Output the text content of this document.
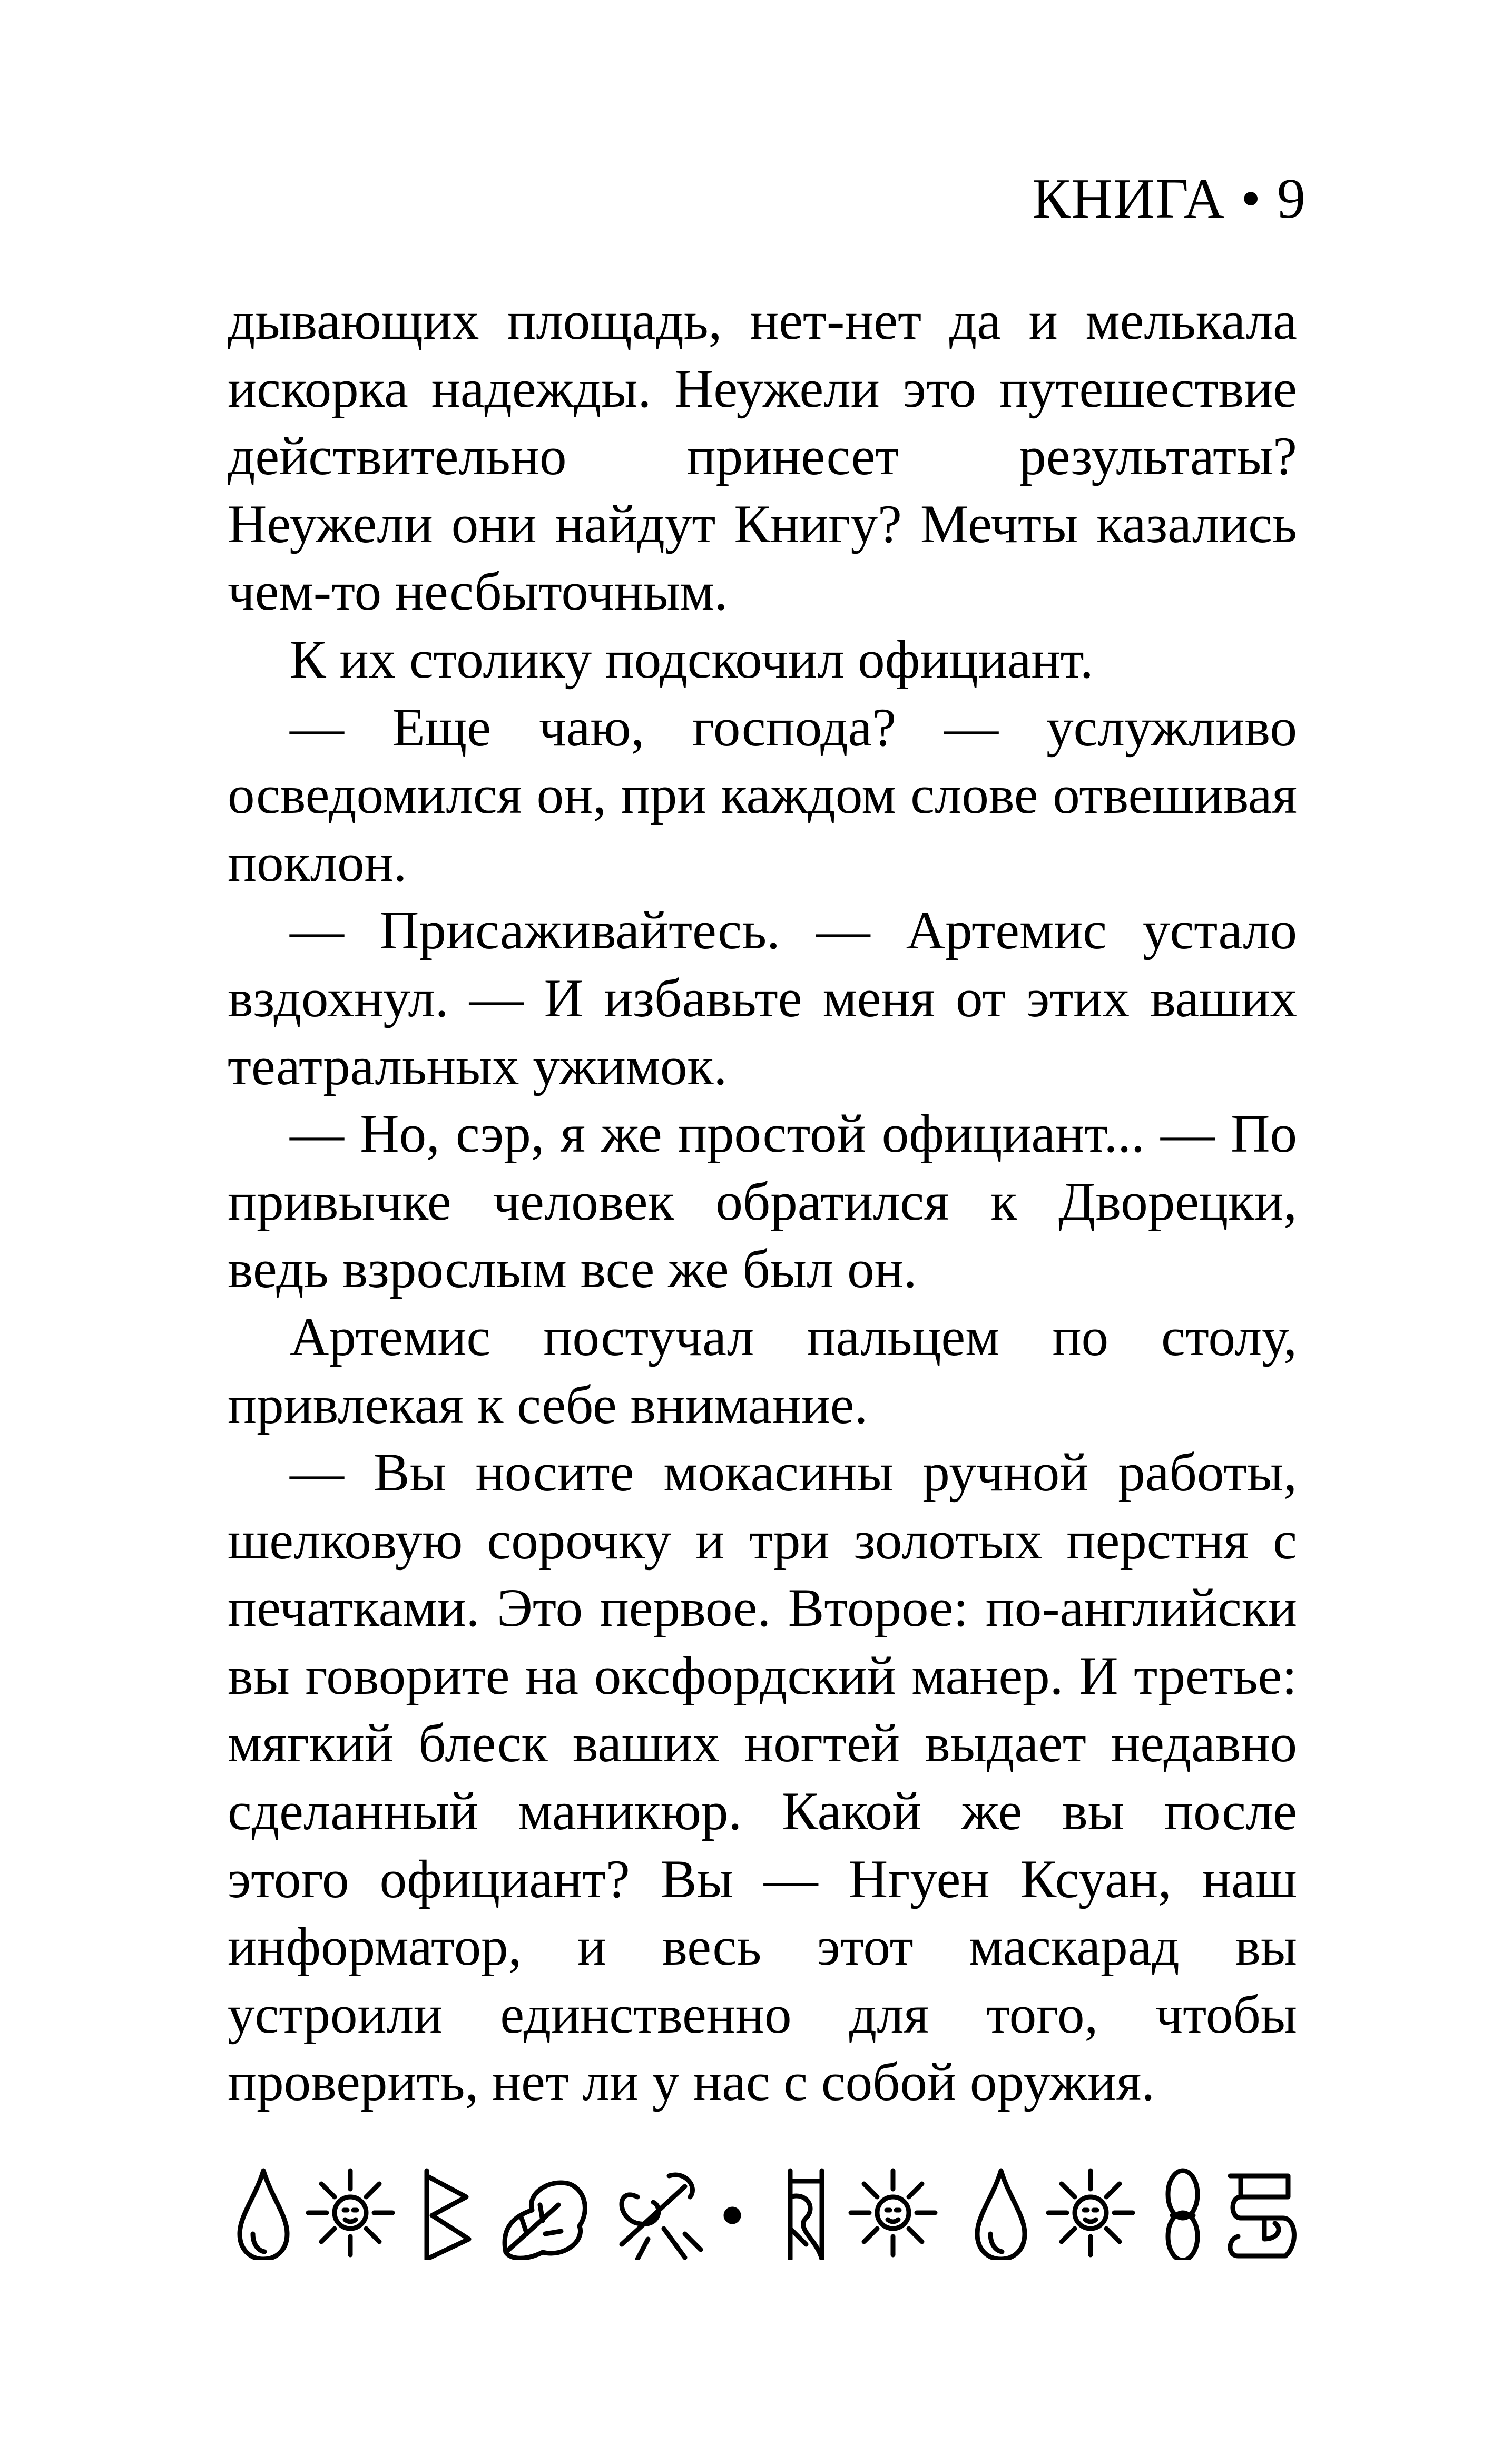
КНИГА • 9

дывающих площадь, нет-нет да и мелькала искорка надежды. Неужели это путешествие действительно принесет результаты? Неужели они найдут Книгу? Мечты казались чем-то несбыточным.

К их столику подскочил официант.

— Еще чаю, господа? — услужливо осведомился он, при каждом слове отвешивая поклон.

— Присаживайтесь. — Артемис устало вздохнул. — И избавьте меня от этих ваших театральных ужимок.

— Но, сэр, я же простой официант... — По привычке человек обратился к Дворецки, ведь взрослым все же был он.

Артемис постучал пальцем по столу, привлекая к себе внимание.

— Вы носите мокасины ручной работы, шелковую сорочку и три золотых перстня с печатками. Это первое. Второе: по-английски вы говорите на оксфордский манер. И третье: мягкий блеск ваших ногтей выдает недавно сделанный маникюр. Какой же вы после этого официант? Вы — Нгуен Ксуан, наш информатор, и весь этот маскарад вы устроили единственно для того, чтобы проверить, нет ли у нас с собой оружия.
